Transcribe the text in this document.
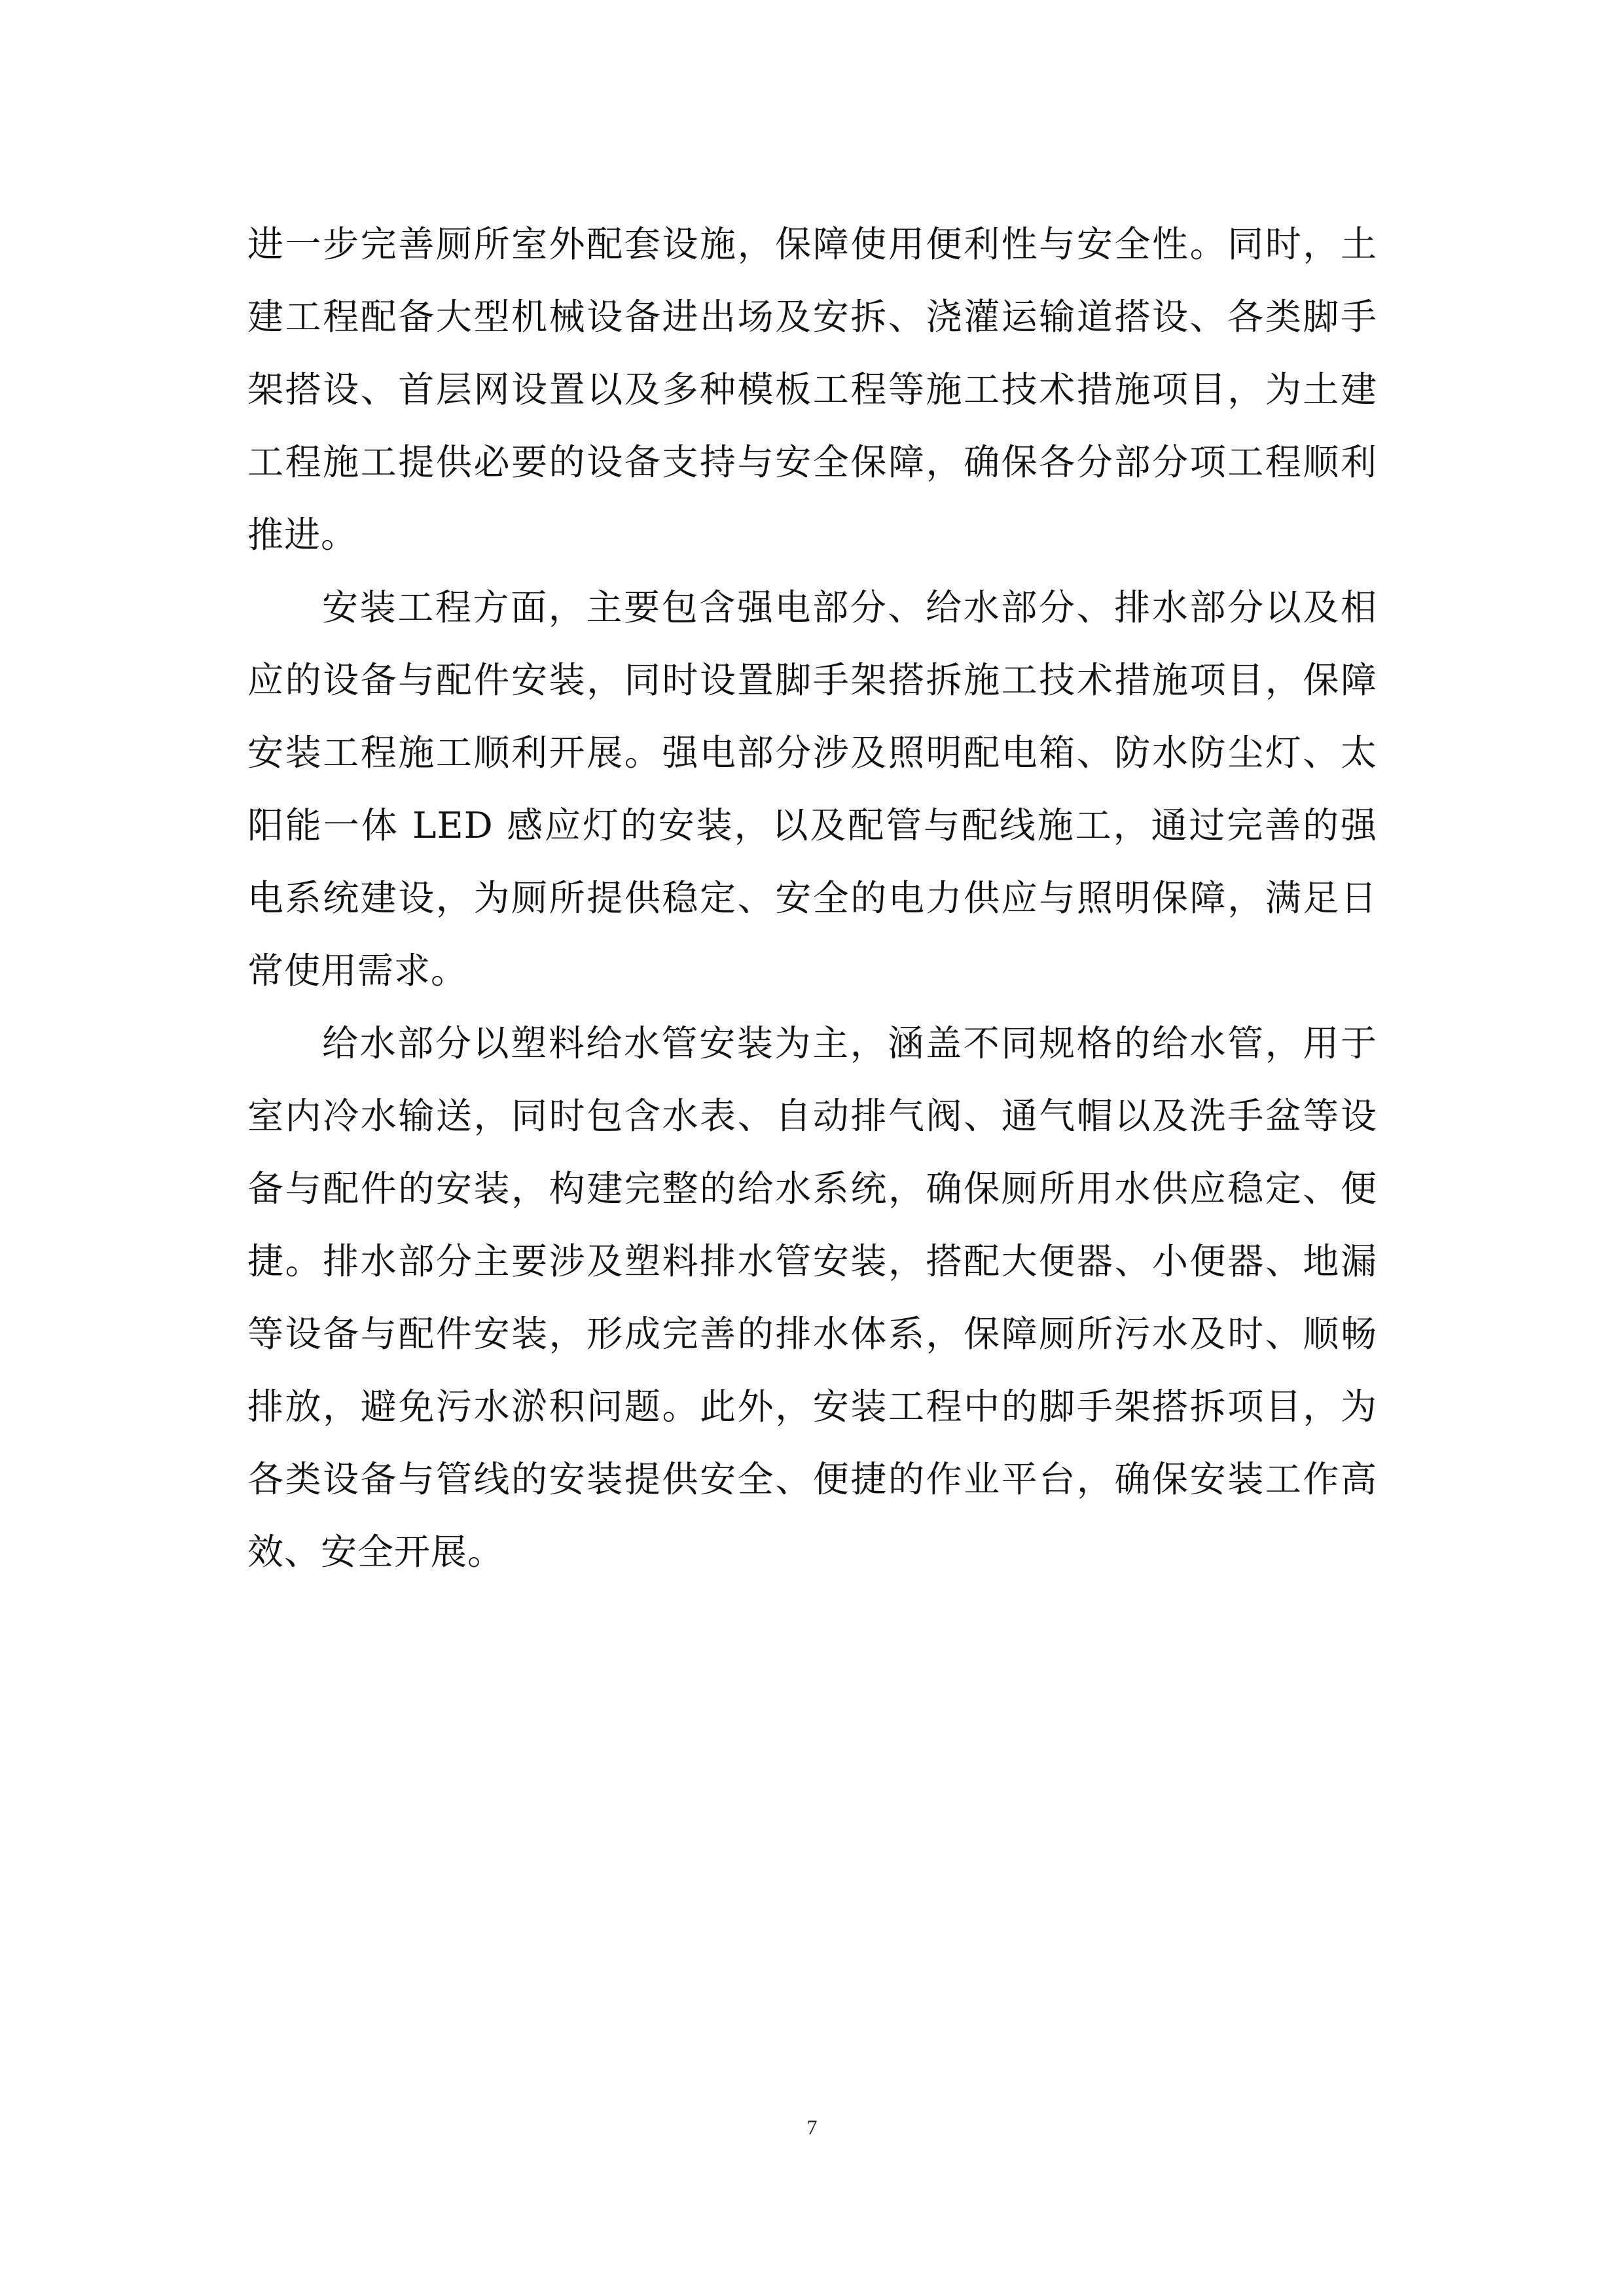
进一步完善厕所室外配套设施，保障使用便利性与安全性。同时，土建工程配备大型机械设备进出场及安拆、浇灌运输道搭设、各类脚手架搭设、首层网设置以及多种模板工程等施工技术措施项目，为土建工程施工提供必要的设备支持与安全保障，确保各分部分项工程顺利推进。

安装工程方面，主要包含强电部分、给水部分、排水部分以及相应的设备与配件安装，同时设置脚手架搭拆施工技术措施项目，保障安装工程施工顺利开展。强电部分涉及照明配电箱、防水防尘灯、太阳能一体 LED 感应灯的安装，以及配管与配线施工，通过完善的强电系统建设，为厕所提供稳定、安全的电力供应与照明保障，满足日常使用需求。

给水部分以塑料给水管安装为主，涵盖不同规格的给水管，用于室内冷水输送，同时包含水表、自动排气阀、通气帽以及洗手盆等设备与配件的安装，构建完整的给水系统，确保厕所用水供应稳定、便捷。排水部分主要涉及塑料排水管安装，搭配大便器、小便器、地漏等设备与配件安装，形成完善的排水体系，保障厕所污水及时、顺畅排放，避免污水淤积问题。此外，安装工程中的脚手架搭拆项目，为各类设备与管线的安装提供安全、便捷的作业平台，确保安装工作高效、安全开展。

7
